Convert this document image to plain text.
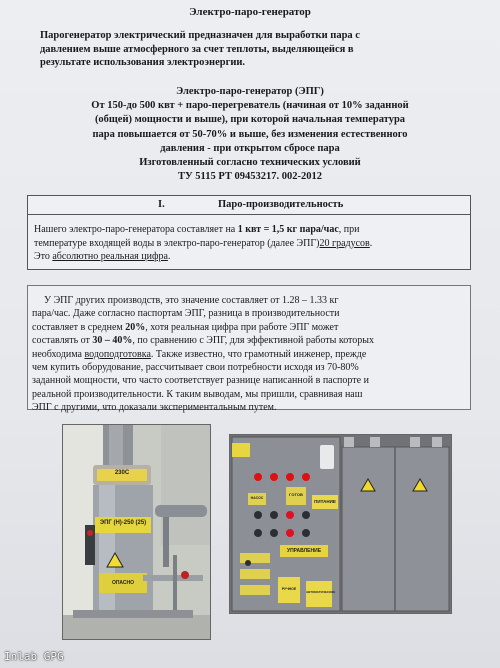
Электро-паро-генератор
Парогенератор электрический предназначен для выработки пара с
давлением выше атмосферного за счет теплоты, выделяющейся в
результате использования электроэнергии.
Электро-паро-генератор (ЭПГ)
От 150-до 500 квт + паро-перегреватель (начиная от 10% заданной
(общей) мощности и выше), при которой начальная температура
пара повышается от 50-70% и выше, без изменения естественного
давления - при открытом сбросе пара
Изготовленный согласно технических условий
ТУ 5115 РТ 09453217. 002-2012
I.	Паро-производительность
Нашего электро-паро-генератора составляет на 1 квт = 1,5 кг пара/час, при
температуре входящей воды в электро-паро-генератор (далее ЭПГ)20 градусов.
Это абсолютно реальная цифра.
У ЭПГ других производств, это значение составляет от 1.28 – 1.33 кг
пара/час. Даже согласно паспортам ЭПГ, разница в производительности
составляет в среднем 20%, хотя реальная цифра при работе ЭПГ может
составлять от 30 – 40%, по сравнению с ЭПГ, для эффективной работы которых
необходима водоподготовка. Также известно, что грамотный инженер, прежде
чем купить оборудование, рассчитывает свои потребности исходя из 70-80%
заданной мощности, что часто соответствует разнице написанной в паспорте и
реальной производительности. К таким выводам, мы пришли, сравнивая наш
ЭПГ с другими, что доказали экспериментальным путем.
230С
ЭПГ (Н)-250 (25)
ОПАСНО
НАСОС
ГОТОВ
ПИТАНИЕ
УПРАВЛЕНИЕ
РУЧНОЕ
АВТОМАТИЧЕСКОЕ
Inlab GPG
